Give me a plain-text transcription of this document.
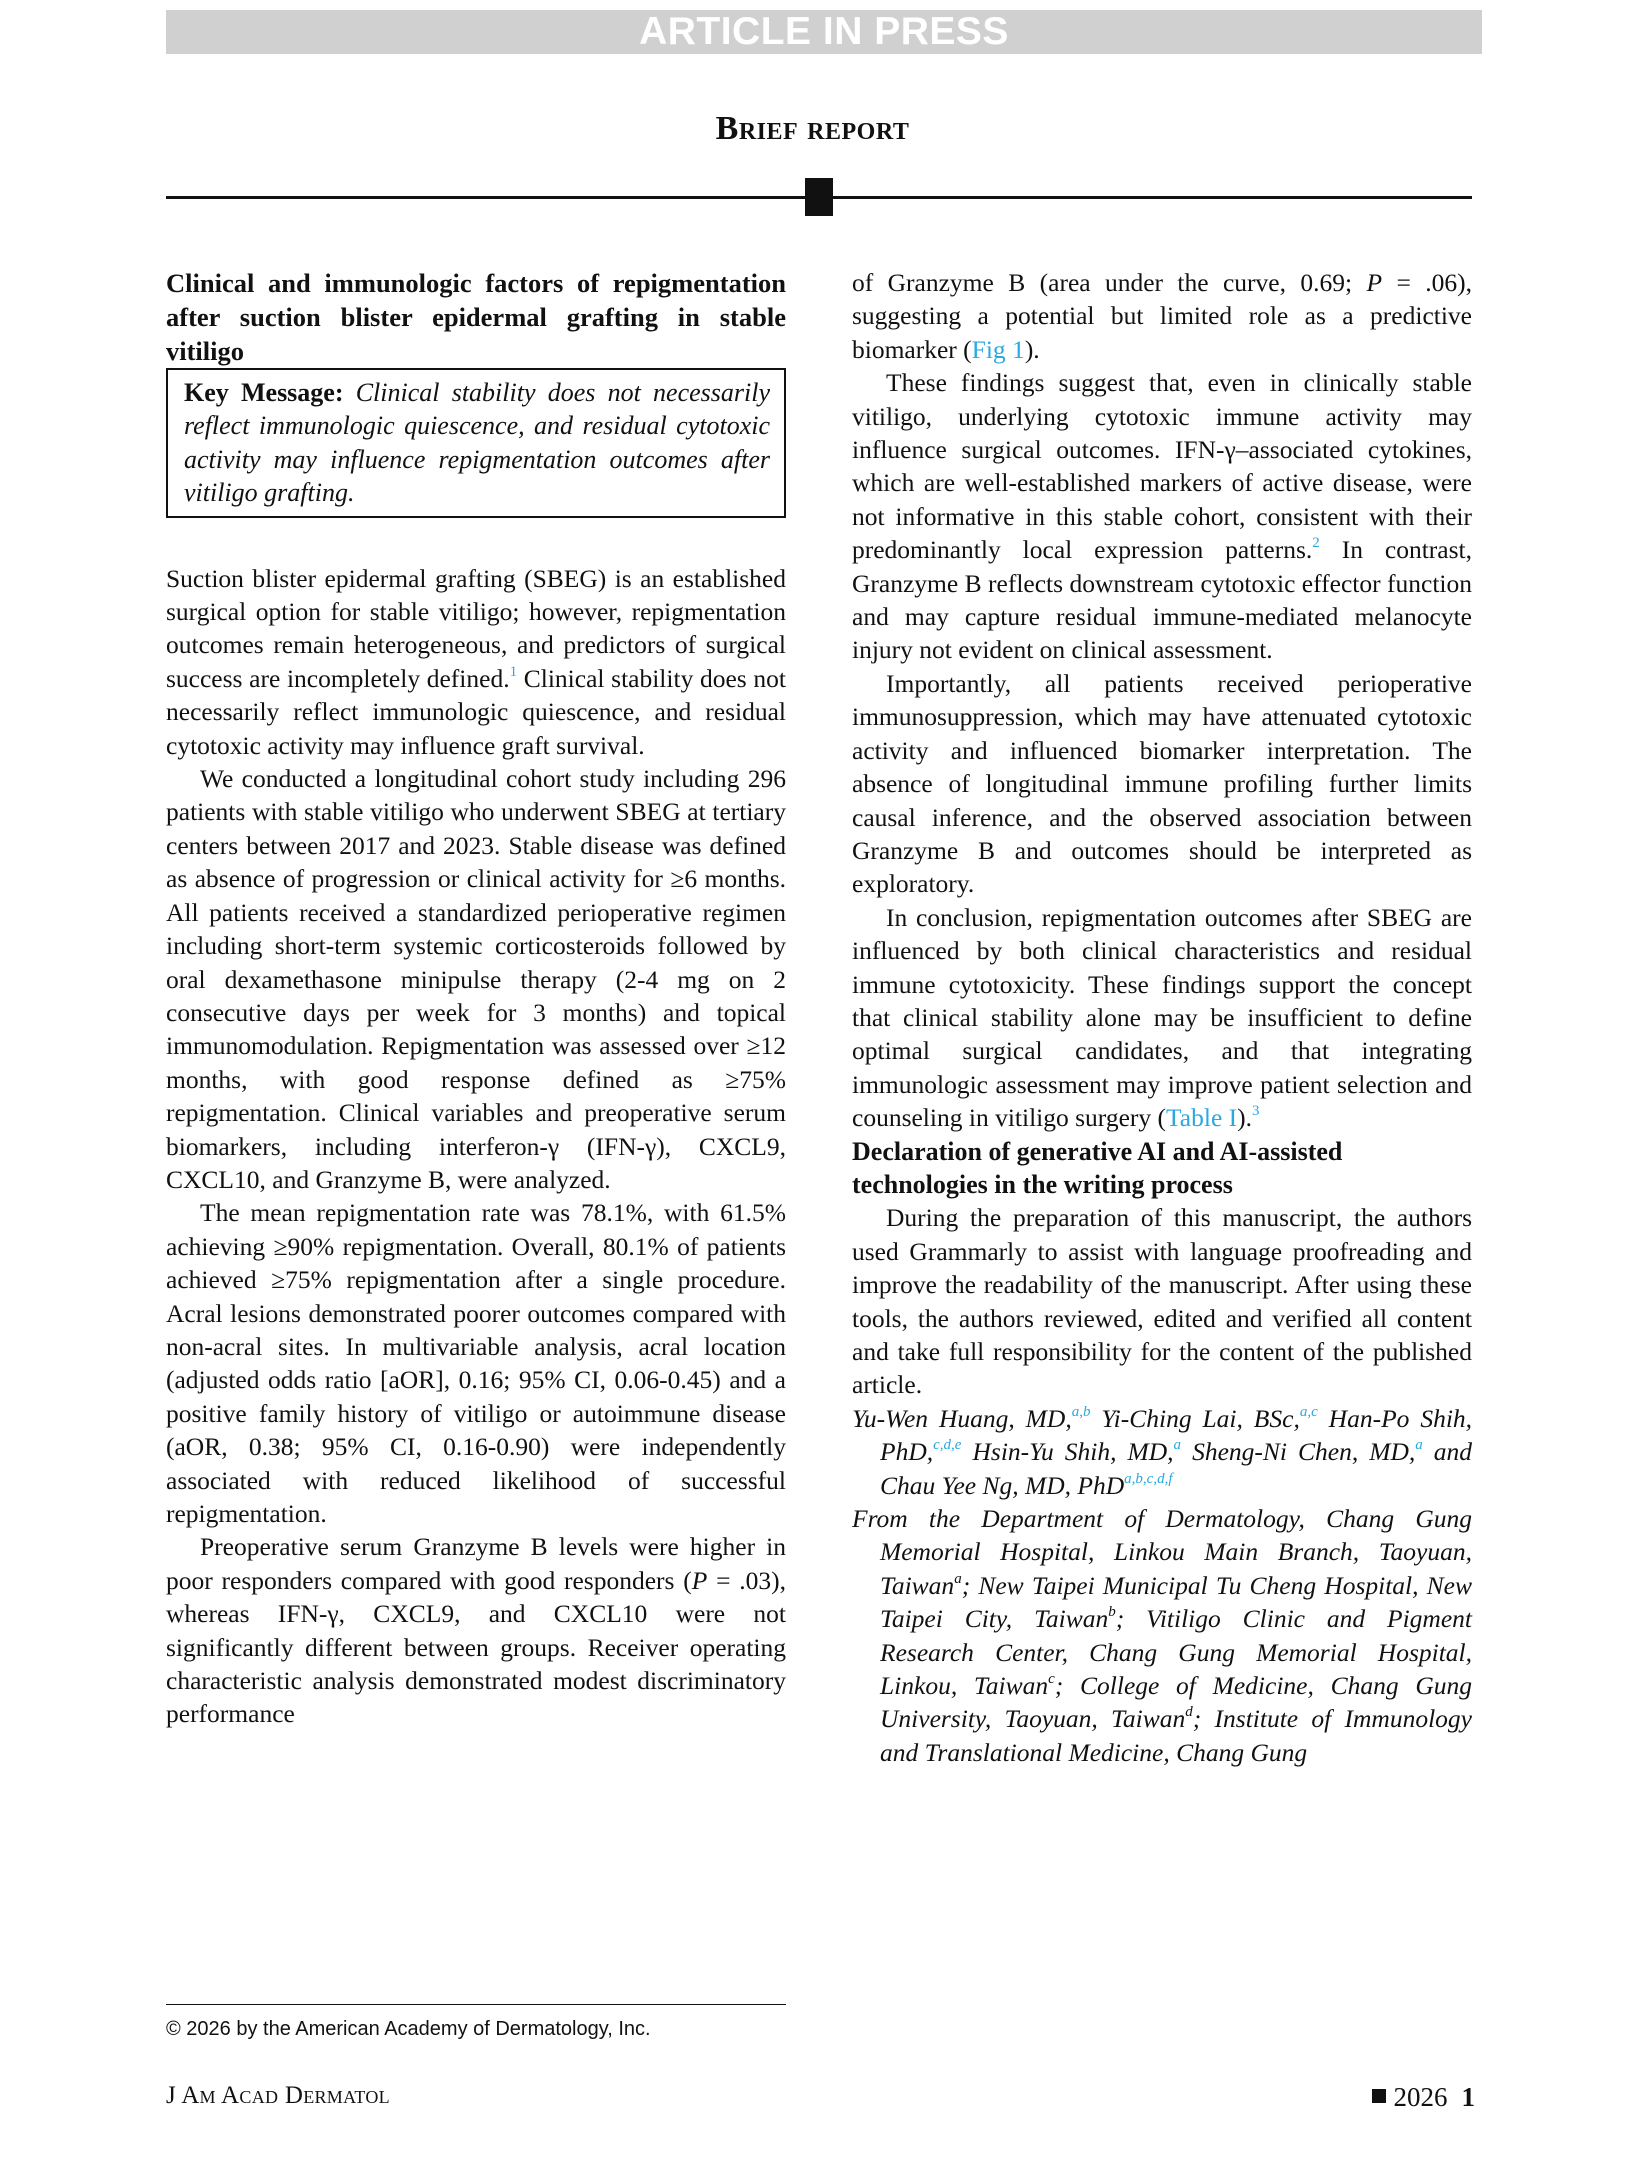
ARTICLE IN PRESS
Brief report

Clinical and immunologic factors of repigmentation after suction blister epidermal grafting in stable vitiligo

Key Message: Clinical stability does not necessarily reflect immunologic quiescence, and residual cytotoxic activity may influence repigmentation outcomes after vitiligo grafting.

Suction blister epidermal grafting (SBEG) is an established surgical option for stable vitiligo; however, repigmentation outcomes remain heterogeneous, and predictors of surgical success are incompletely defined.$^1$ Clinical stability does not necessarily reflect immunologic quiescence, and residual cytotoxic activity may influence graft survival.

We conducted a longitudinal cohort study including 296 patients with stable vitiligo who underwent SBEG at tertiary centers between 2017 and 2023. Stable disease was defined as absence of progression or clinical activity for ≥6 months. All patients received a standardized perioperative regimen including short-term systemic corticosteroids followed by oral dexamethasone minipulse therapy (2-4 mg on 2 consecutive days per week for 3 months) and topical immunomodulation. Repigmentation was assessed over ≥12 months, with good response defined as ≥75% repigmentation. Clinical variables and preoperative serum biomarkers, including interferon-γ (IFN-γ), CXCL9, CXCL10, and Granzyme B, were analyzed.

The mean repigmentation rate was 78.1%, with 61.5% achieving ≥90% repigmentation. Overall, 80.1% of patients achieved ≥75% repigmentation after a single procedure. Acral lesions demonstrated poorer outcomes compared with non-acral sites. In multivariable analysis, acral location (adjusted odds ratio [aOR], 0.16; 95% CI, 0.06-0.45) and a positive family history of vitiligo or autoimmune disease (aOR, 0.38; 95% CI, 0.16-0.90) were independently associated with reduced likelihood of successful repigmentation.

Preoperative serum Granzyme B levels were higher in poor responders compared with good responders (P = .03), whereas IFN-γ, CXCL9, and CXCL10 were not significantly different between groups. Receiver operating characteristic analysis demonstrated modest discriminatory performance

of Granzyme B (area under the curve, 0.69; P = .06), suggesting a potential but limited role as a predictive biomarker (Fig 1).

These findings suggest that, even in clinically stable vitiligo, underlying cytotoxic immune activity may influence surgical outcomes. IFN-γ–associated cytokines, which are well-established markers of active disease, were not informative in this stable cohort, consistent with their predominantly local expression patterns.$^2$ In contrast, Granzyme B reflects downstream cytotoxic effector function and may capture residual immune-mediated melanocyte injury not evident on clinical assessment.

Importantly, all patients received perioperative immunosuppression, which may have attenuated cytotoxic activity and influenced biomarker interpretation. The absence of longitudinal immune profiling further limits causal inference, and the observed association between Granzyme B and outcomes should be interpreted as exploratory.

In conclusion, repigmentation outcomes after SBEG are influenced by both clinical characteristics and residual immune cytotoxicity. These findings support the concept that clinical stability alone may be insufficient to define optimal surgical candidates, and that integrating immunologic assessment may improve patient selection and counseling in vitiligo surgery (Table I).$^3$

Declaration of generative AI and AI-assisted technologies in the writing process

During the preparation of this manuscript, the authors used Grammarly to assist with language proofreading and improve the readability of the manuscript. After using these tools, the authors reviewed, edited and verified all content and take full responsibility for the content of the published article.

Yu-Wen Huang, MD,$^{a,b}$ Yi-Ching Lai, BSc,$^{a,c}$ Han-Po Shih, PhD,$^{c,d,e}$ Hsin-Yu Shih, MD,$^a$ Sheng-Ni Chen, MD,$^a$ and Chau Yee Ng, MD, PhD$^{a,b,c,d,f}$

From the Department of Dermatology, Chang Gung Memorial Hospital, Linkou Main Branch, Taoyuan, Taiwan$^a$; New Taipei Municipal Tu Cheng Hospital, New Taipei City, Taiwan$^b$; Vitiligo Clinic and Pigment Research Center, Chang Gung Memorial Hospital, Linkou, Taiwan$^c$; College of Medicine, Chang Gung University, Taoyuan, Taiwan$^d$; Institute of Immunology and Translational Medicine, Chang Gung

© 2026 by the American Academy of Dermatology, Inc.
J Am Acad Dermatol	2026 1
